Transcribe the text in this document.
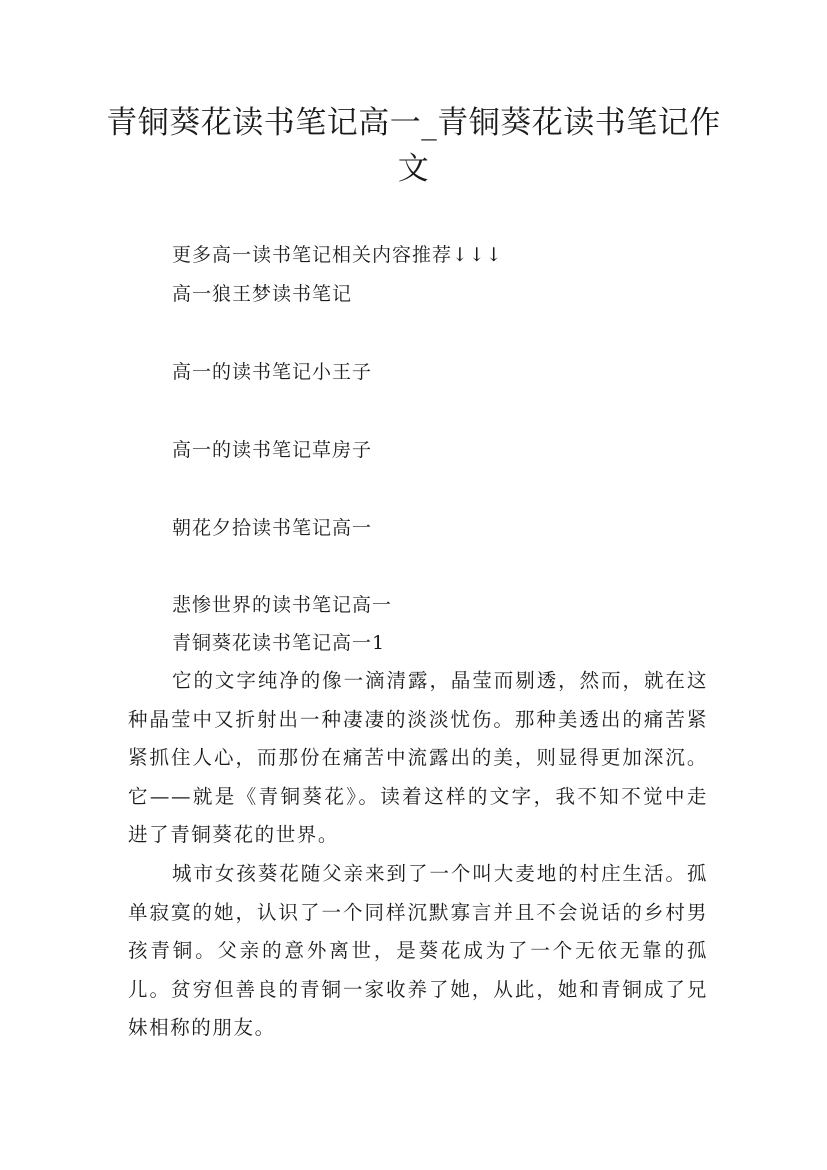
青铜葵花读书笔记高一_青铜葵花读书笔记作文
更多高一读书笔记相关内容推荐↓↓↓
高一狼王梦读书笔记
高一的读书笔记小王子
高一的读书笔记草房子
朝花夕拾读书笔记高一
悲惨世界的读书笔记高一
青铜葵花读书笔记高一1

它的文字纯净的像一滴清露，晶莹而剔透，然而，就在这种晶莹中又折射出一种凄凄的淡淡忧伤。那种美透出的痛苦紧紧抓住人心，而那份在痛苦中流露出的美，则显得更加深沉。它——就是《青铜葵花》。读着这样的文字，我不知不觉中走进了青铜葵花的世界。

城市女孩葵花随父亲来到了一个叫大麦地的村庄生活。孤单寂寞的她，认识了一个同样沉默寡言并且不会说话的乡村男孩青铜。父亲的意外离世，是葵花成为了一个无依无靠的孤儿。贫穷但善良的青铜一家收养了她，从此，她和青铜成了兄妹相称的朋友。
